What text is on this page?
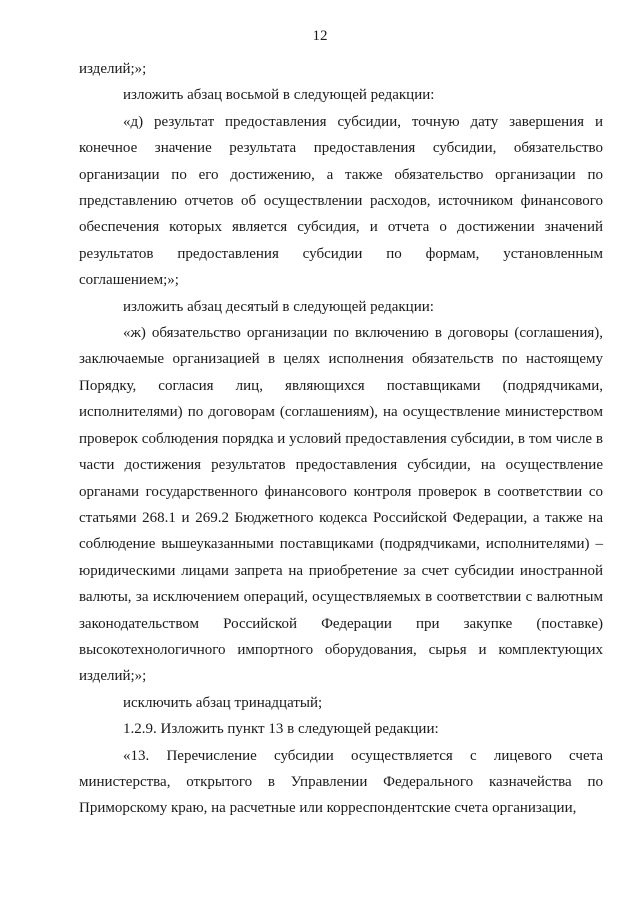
12

изделий;»;

изложить абзац восьмой в следующей редакции:

«д) результат предоставления субсидии, точную дату завершения и конечное значение результата предоставления субсидии, обязательство организации по его достижению, а также обязательство организации по представлению отчетов об осуществлении расходов, источником финансового обеспечения которых является субсидия, и отчета о достижении значений результатов предоставления субсидии по формам, установленным соглашением;»;

изложить абзац десятый в следующей редакции:

«ж) обязательство организации по включению в договоры (соглашения), заключаемые организацией в целях исполнения обязательств по настоящему Порядку, согласия лиц, являющихся поставщиками (подрядчиками, исполнителями) по договорам (соглашениям), на осуществление министерством проверок соблюдения порядка и условий предоставления субсидии, в том числе в части достижения результатов предоставления субсидии, на осуществление органами государственного финансового контроля проверок в соответствии со статьями 268.1 и 269.2 Бюджетного кодекса Российской Федерации, а также на соблюдение вышеуказанными поставщиками (подрядчиками, исполнителями) – юридическими лицами запрета на приобретение за счет субсидии иностранной валюты, за исключением операций, осуществляемых в соответствии с валютным законодательством Российской Федерации при закупке (поставке) высокотехнологичного импортного оборудования, сырья и комплектующих изделий;»;

исключить абзац тринадцатый;

1.2.9. Изложить пункт 13 в следующей редакции:

«13. Перечисление субсидии осуществляется с лицевого счета министерства, открытого в Управлении Федерального казначейства по Приморскому краю, на расчетные или корреспондентские счета организации,
